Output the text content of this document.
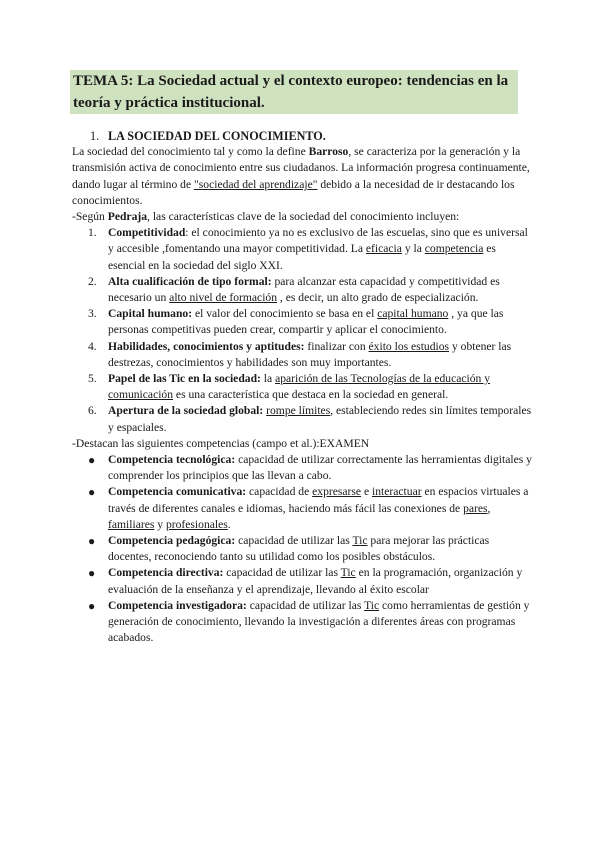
TEMA 5: La Sociedad actual y el contexto europeo: tendencias en la teoría y práctica institucional.
1. LA SOCIEDAD DEL CONOCIMIENTO.

La sociedad del conocimiento tal y como la define Barroso, se caracteriza por la generación y la transmisión activa de conocimiento entre sus ciudadanos. La información progresa continuamente, dando lugar al término de "sociedad del aprendizaje" debido a la necesidad de ir destacando los conocimientos.

-Según Pedraja, las características clave de la sociedad del conocimiento incluyen:

1. Competitividad: el conocimiento ya no es exclusivo de las escuelas, sino que es universal y accesible ,fomentando una mayor competitividad. La eficacia y la competencia es esencial en la sociedad del siglo XXI.
2. Alta cualificación de tipo formal: para alcanzar esta capacidad y competitividad es necesario un alto nivel de formación , es decir, un alto grado de especialización.
3. Capital humano: el valor del conocimiento se basa en el capital humano , ya que las personas competitivas pueden crear, compartir y aplicar el conocimiento.
4. Habilidades, conocimientos y aptitudes: finalizar con éxito los estudios y obtener las destrezas, conocimientos y habilidades son muy importantes.
5. Papel de las Tic en la sociedad: la aparición de las Tecnologías de la educación y comunicación es una característica que destaca en la sociedad en general.
6. Apertura de la sociedad global: rompe límites, estableciendo redes sin límites temporales y espaciales.

-Destacan las siguientes competencias (campo et al.):EXAMEN

● Competencia tecnológica: capacidad de utilizar correctamente las herramientas digitales y comprender los principios que las llevan a cabo.
● Competencia comunicativa: capacidad de expresarse e interactuar en espacios virtuales a través de diferentes canales e idiomas, haciendo más fácil las conexiones de pares, familiares y profesionales.
● Competencia pedagógica: capacidad de utilizar las Tic para mejorar las prácticas docentes, reconociendo tanto su utilidad como los posibles obstáculos.
● Competencia directiva: capacidad de utilizar las Tic en la programación, organización y evaluación de la enseñanza y el aprendizaje, llevando al éxito escolar
● Competencia investigadora: capacidad de utilizar las Tic como herramientas de gestión y generación de conocimiento, llevando la investigación a diferentes áreas con programas acabados.
